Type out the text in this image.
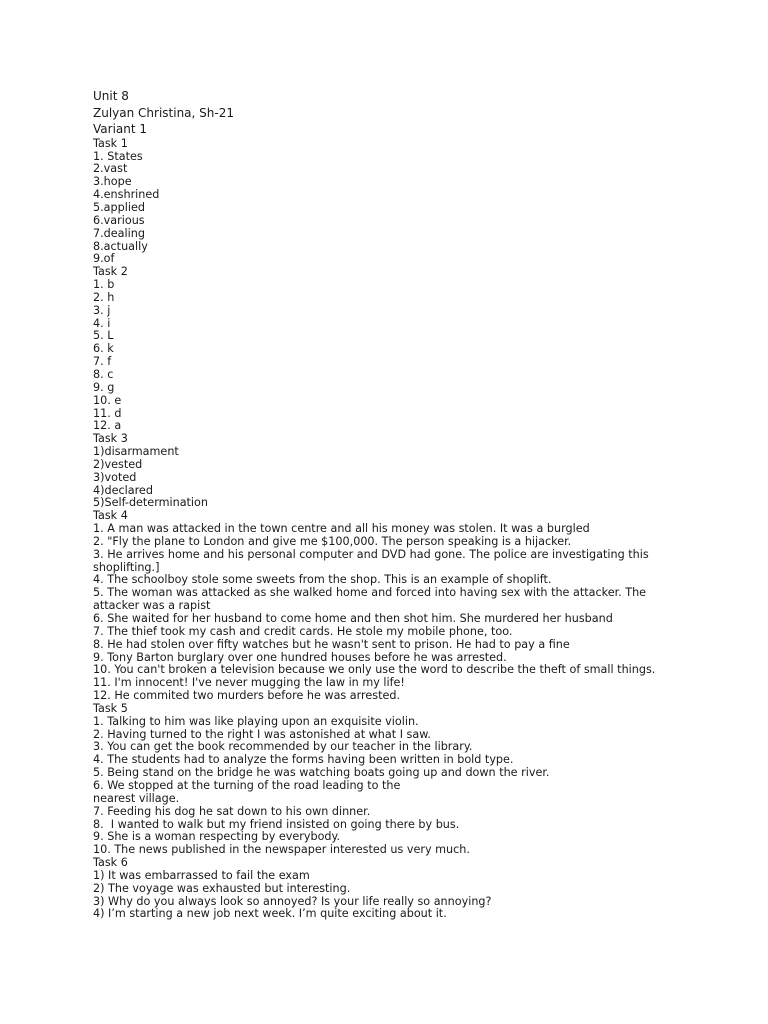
Unit 8

Zulyan Christina, Sh-21

Variant 1

Task 1

1. States

2.vast

3.hope

4.enshrined

5.applied

6.various

7.dealing

8.actually

9.of

Task 2

1. b

2. h

3. j

4. i

5. L

6. k

7. f

8. c

9. g

10. e

11. d

12. a

Task 3

1)disarmament

2)vested

3)voted

4)declared

5)Self-determination

Task 4

1. A man was attacked in the town centre and all his money was stolen. It was a burgled

2. "Fly the plane to London and give me $100,000. The person speaking is a hijacker.

3. He arrives home and his personal computer and DVD had gone. The police are investigating this shoplifting.]

4. The schoolboy stole some sweets from the shop. This is an example of shoplift.

5. The woman was attacked as she walked home and forced into having sex with the attacker. The attacker was a rapist

6. She waited for her husband to come home and then shot him. She murdered her husband

7. The thief took my cash and credit cards. He stole my mobile phone, too.

8. He had stolen over fifty watches but he wasn't sent to prison. He had to pay a fine

9. Tony Barton burglary over one hundred houses before he was arrested.

10. You can't broken a television because we only use the word to describe the theft of small things.

11. I'm innocent! I've never mugging the law in my life!

12. He commited two murders before he was arrested.

Task 5

1. Talking to him was like playing upon an exquisite violin.

2. Having turned to the right I was astonished at what I saw.

3. You can get the book recommended by our teacher in the library.

4. The students had to analyze the forms having been written in bold type.

5. Being stand on the bridge he was watching boats going up and down the river.

6. We stopped at the turning of the road leading to the

nearest village.

7. Feeding his dog he sat down to his own dinner.

8.  I wanted to walk but my friend insisted on going there by bus.

9. She is a woman respecting by everybody.

10. The news published in the newspaper interested us very much.

Task 6

1) It was embarrassed to fail the exam

2) The voyage was exhausted but interesting.

3) Why do you always look so annoyed? Is your life really so annoying?

4) I’m starting a new job next week. I’m quite exciting about it.
